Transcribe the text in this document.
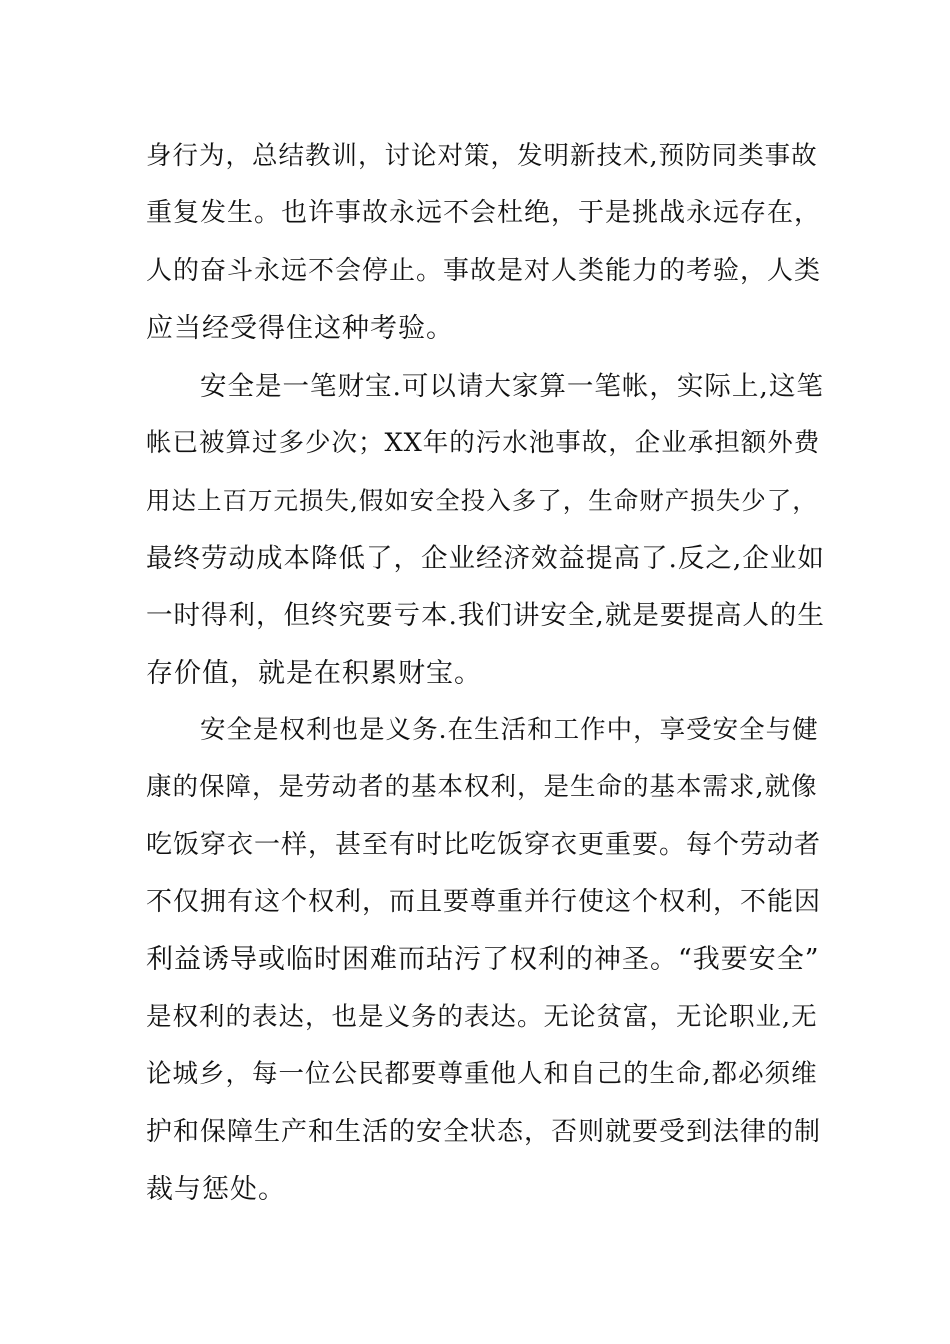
身行为，总结教训，讨论对策，发明新技术,预防同类事故
重复发生。也许事故永远不会杜绝，于是挑战永远存在，
人的奋斗永远不会停止。事故是对人类能力的考验，人类
应当经受得住这种考验。
安全是一笔财宝.可以请大家算一笔帐，实际上,这笔
帐已被算过多少次；XX年的污水池事故，企业承担额外费
用达上百万元损失,假如安全投入多了，生命财产损失少了，
最终劳动成本降低了，企业经济效益提高了.反之,企业如
一时得利，但终究要亏本.我们讲安全,就是要提高人的生
存价值，就是在积累财宝。
安全是权利也是义务.在生活和工作中，享受安全与健
康的保障，是劳动者的基本权利，是生命的基本需求,就像
吃饭穿衣一样，甚至有时比吃饭穿衣更重要。每个劳动者
不仅拥有这个权利，而且要尊重并行使这个权利，不能因
利益诱导或临时困难而玷污了权利的神圣。“我要安全”
是权利的表达，也是义务的表达。无论贫富，无论职业,无
论城乡，每一位公民都要尊重他人和自己的生命,都必须维
护和保障生产和生活的安全状态，否则就要受到法律的制
裁与惩处。
